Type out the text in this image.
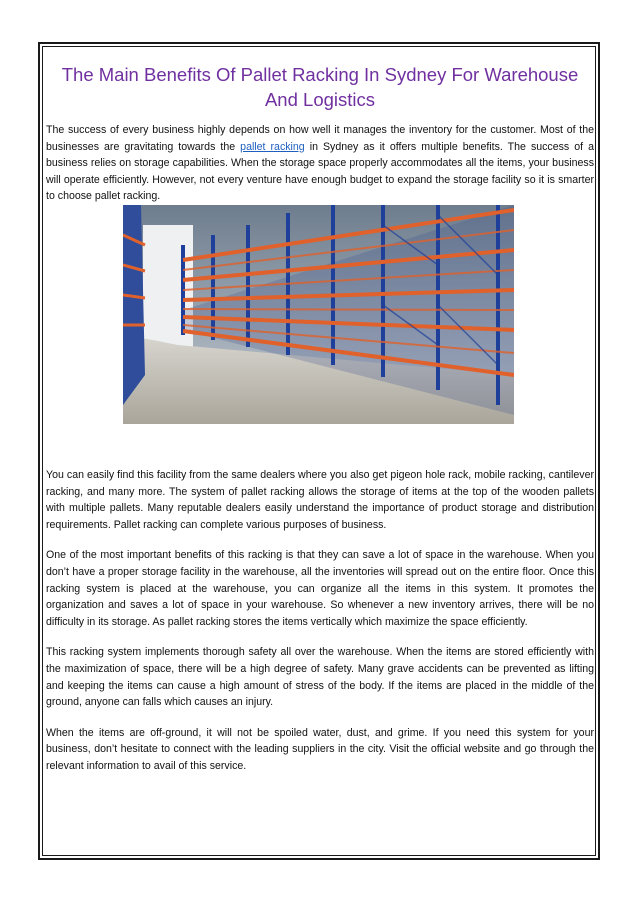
The Main Benefits Of Pallet Racking In Sydney For Warehouse And Logistics

The success of every business highly depends on how well it manages the inventory for the customer. Most of the businesses are gravitating towards the pallet racking in Sydney as it offers multiple benefits. The success of a business relies on storage capabilities. When the storage space properly accommodates all the items, your business will operate efficiently. However, not every venture have enough budget to expand the storage facility so it is smarter to choose pallet racking.

You can easily find this facility from the same dealers where you also get pigeon hole rack, mobile racking, cantilever racking, and many more. The system of pallet racking allows the storage of items at the top of the wooden pallets with multiple pallets. Many reputable dealers easily understand the importance of product storage and distribution requirements. Pallet racking can complete various purposes of business.

One of the most important benefits of this racking is that they can save a lot of space in the warehouse. When you don’t have a proper storage facility in the warehouse, all the inventories will spread out on the entire floor. Once this racking system is placed at the warehouse, you can organize all the items in this system. It promotes the organization and saves a lot of space in your warehouse. So whenever a new inventory arrives, there will be no difficulty in its storage. As pallet racking stores the items vertically which maximize the space efficiently.

This racking system implements thorough safety all over the warehouse. When the items are stored efficiently with the maximization of space, there will be a high degree of safety. Many grave accidents can be prevented as lifting and keeping the items can cause a high amount of stress of the body. If the items are placed in the middle of the ground, anyone can falls which causes an injury.

When the items are off-ground, it will not be spoiled water, dust, and grime. If you need this system for your business, don’t hesitate to connect with the leading suppliers in the city. Visit the official website and go through the relevant information to avail of this service.
